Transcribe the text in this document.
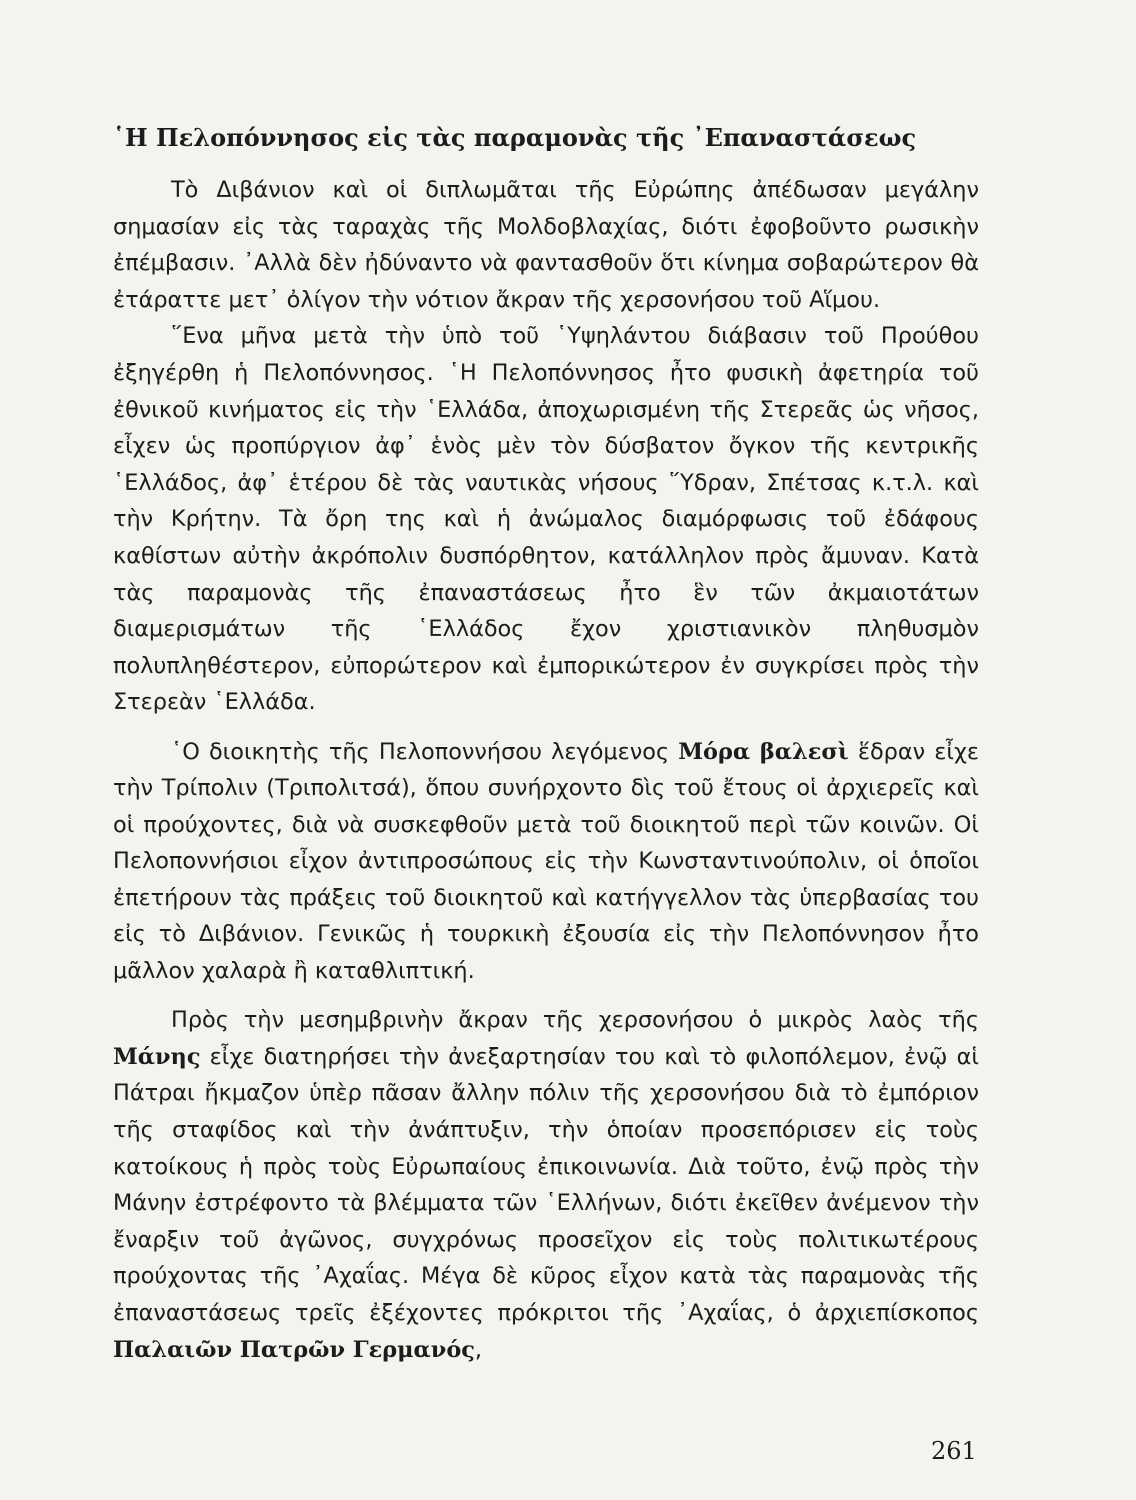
῾Η Πελοπόννησος εἰς τὰς παραμονὰς τῆς ᾿Επαναστάσεως

Τὸ Διβάνιον καὶ οἱ διπλωμᾶται τῆς Εὐρώπης ἀπέδωσαν μεγάλην σημασίαν εἰς τὰς ταραχὰς τῆς Μολδοβλαχίας, διότι ἐφοβοῦντο ρωσικὴν ἐπέμβασιν. ᾿Αλλὰ δὲν ἠδύναντο νὰ φαντασθοῦν ὅτι κίνημα σοβαρώτερον θὰ ἐτάραττε μετ᾿ ὀλίγον τὴν νότιον ἄκραν τῆς χερσονήσου τοῦ Αἵμου.

῞Ενα μῆνα μετὰ τὴν ὑπὸ τοῦ ῾Υψηλάντου διάβασιν τοῦ Προύθου ἐξηγέρθη ἡ Πελοπόννησος. ῾Η Πελοπόννησος ἦτο φυσικὴ ἀφετηρία τοῦ ἐθνικοῦ κινήματος εἰς τὴν ῾Ελλάδα, ἀποχωρισμένη τῆς Στερεᾶς ὡς νῆσος, εἶχεν ὡς προπύργιον ἀφ᾿ ἑνὸς μὲν τὸν δύσβατον ὄγκον τῆς κεντρικῆς ῾Ελλάδος, ἀφ᾿ ἑτέρου δὲ τὰς ναυτικὰς νήσους ῞Υδραν, Σπέτσας κ.τ.λ. καὶ τὴν Κρήτην. Τὰ ὄρη της καὶ ἡ ἀνώμαλος διαμόρφωσις τοῦ ἐδάφους καθίστων αὐτὴν ἀκρόπολιν δυσπόρθητον, κατάλληλον πρὸς ἄμυναν. Κατὰ τὰς παραμονὰς τῆς ἐπαναστάσεως ἦτο ἓν τῶν ἀκμαιοτάτων διαμερισμάτων τῆς ῾Ελλάδος ἔχον χριστιανικὸν πληθυσμὸν πολυπληθέστερον, εὐπορώτερον καὶ ἐμπορικώτερον ἐν συγκρίσει πρὸς τὴν Στερεὰν ῾Ελλάδα.

῾Ο διοικητὴς τῆς Πελοποννήσου λεγόμενος Μόρα βαλεσὶ ἕδραν εἶχε τὴν Τρίπολιν (Τριπολιτσά), ὅπου συνήρχοντο δὶς τοῦ ἔτους οἱ ἀρχιερεῖς καὶ οἱ προύχοντες, διὰ νὰ συσκεφθοῦν μετὰ τοῦ διοικητοῦ περὶ τῶν κοινῶν. Οἱ Πελοποννήσιοι εἶχον ἀντιπροσώπους εἰς τὴν Κωνσταντινούπολιν, οἱ ὁποῖοι ἐπετήρουν τὰς πράξεις τοῦ διοικητοῦ καὶ κατήγγελλον τὰς ὑπερβασίας του εἰς τὸ Διβάνιον. Γενικῶς ἡ τουρκικὴ ἐξουσία εἰς τὴν Πελοπόννησον ἦτο μᾶλλον χαλαρὰ ἢ καταθλιπτική.

Πρὸς τὴν μεσημβρινὴν ἄκραν τῆς χερσονήσου ὁ μικρὸς λαὸς τῆς Μάνης εἶχε διατηρήσει τὴν ἀνεξαρτησίαν του καὶ τὸ φιλοπόλεμον, ἐνῷ αἱ Πάτραι ἤκμαζον ὑπὲρ πᾶσαν ἄλλην πόλιν τῆς χερσονήσου διὰ τὸ ἐμπόριον τῆς σταφίδος καὶ τὴν ἀνάπτυξιν, τὴν ὁποίαν προσεπόρισεν εἰς τοὺς κατοίκους ἡ πρὸς τοὺς Εὐρωπαίους ἐπικοινωνία. Διὰ τοῦτο, ἐνῷ πρὸς τὴν Μάνην ἐστρέφοντο τὰ βλέμματα τῶν ῾Ελλήνων, διότι ἐκεῖθεν ἀνέμενον τὴν ἔναρξιν τοῦ ἀγῶνος, συγχρόνως προσεῖχον εἰς τοὺς πολιτικωτέρους προύχοντας τῆς ᾿Αχαΐας. Μέγα δὲ κῦρος εἶχον κατὰ τὰς παραμονὰς τῆς ἐπαναστάσεως τρεῖς ἐξέχοντες πρόκριτοι τῆς ᾿Αχαΐας, ὁ ἀρχιεπίσκοπος Παλαιῶν Πατρῶν Γερμανός,

261
